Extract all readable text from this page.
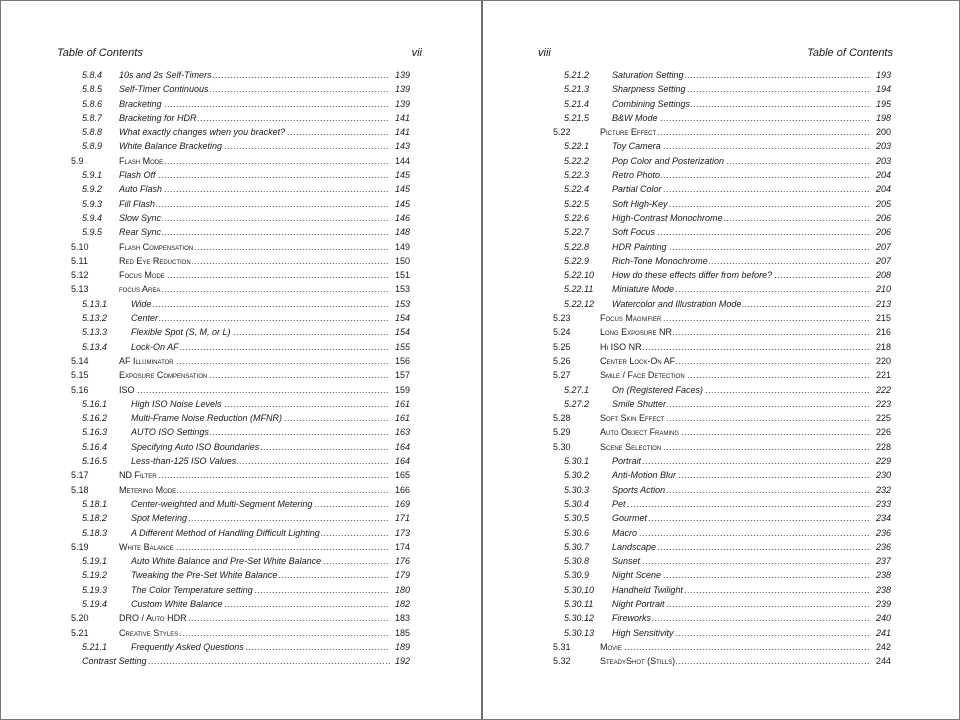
Table of Contents	vii
5.8.4 ..... 10s and 2s Self-Timers	139
5.8.5 ..... Self-Timer Continuous	139
5.8.6 ..... Bracketing	139
5.8.7 ..... Bracketing for HDR	141
5.8.8 ..... What exactly changes when you bracket?	141
5.8.9 ..... White Balance Bracketing	143
5.9 .....	Flash Mode	144
5.9.1 ..... Flash Off	145
5.9.2 ..... Auto Flash	145
5.9.3 ..... Fill Flash	145
5.9.4 ..... Slow Sync	146
5.9.5 ..... Rear Sync	148
5.10 .....	Flash Compensation	149
5.11 .....	Red Eye Reduction	150
5.12 .....	Focus Mode	151
5.13 .....	focus Area	153
5.13.1 .....	Wide	153
5.13.2 .....	Center	154
5.13.3 .....	Flexible Spot (S, M, or L)	154
5.13.4 .....	Lock-On AF	155
5.14 .....	AF Illuminator	156
5.15 .....	Exposure Compensation	157
5.16 .....	ISO	159
5.16.1 .....	High ISO Noise Levels	161
5.16.2 .....	Multi-Frame Noise Reduction (MFNR)	161
5.16.3 .....	AUTO ISO Settings	163
5.16.4 .....	Specifying Auto ISO Boundaries	164
5.16.5 .....	Less-than-125 ISO Values	164
5.17 .....	ND Filter	165
5.18 .....	Metering Mode	166
5.18.1 .....	Center-weighted and Multi-Segment Metering	169
5.18.2 .....	Spot Metering	171
5.18.3 .....	A Different Method of Handling Difficult Lighting	173
5.19 .....	White Balance	174
5.19.1 .....	Auto White Balance and Pre-Set White Balance	176
5.19.2 .....	Tweaking the Pre-Set White Balance	179
5.19.3 .....	The Color Temperature setting	180
5.19.4 .....	Custom White Balance	182
5.20 .....	DRO / Auto HDR	183
5.21 .....	Creative Styles	185
5.21.1 .....	Frequently Asked Questions	189
.....
Contrast Setting	192
viii	Table of Contents
5.21.2 .....	Saturation Setting	193
5.21.3 .....	Sharpness Setting	194
5.21.4 .....	Combining Settings	195
5.21.5 .....	B&W Mode	198
5.22 .....	Picture Effect	200
5.22.1 .....	Toy Camera	203
5.22.2 .....	Pop Color and Posterization	203
5.22.3 .....	Retro Photo	204
5.22.4 .....	Partial Color	204
5.22.5 .....	Soft High-Key	205
5.22.6 .....	High-Contrast Monochrome	206
5.22.7 .....	Soft Focus	206
5.22.8 .....	HDR Painting	207
5.22.9 .....	Rich-Tone Monochrome	207
5.22.10 ..... How do these effects differ from before?	208
5.22.11 ..... Miniature Mode	210
5.22.12 ..... Watercolor and Illustration Mode	213
5.23 .....	Focus Magnifier	215
5.24 .....	Long Exposure NR	216
5.25 .....	Hi ISO NR	218
5.26 .....	Center Lock-On AF	220
5.27 .....	Smile / Face Detection	221
5.27.1 .....	On (Registered Faces)	222
5.27.2 .....	Smile Shutter	223
5.28 .....	Soft Skin Effect	225
5.29 .....	Auto Object Framing	226
5.30 .....	Scene Selection	228
5.30.1 .....	Portrait	229
5.30.2 .....	Anti-Motion Blur	230
5.30.3 .....	Sports Action	232
5.30.4 .....	Pet	233
5.30.5 .....	Gourmet	234
5.30.6 .....	Macro	236
5.30.7 .....	Landscape	236
5.30.8 .....	Sunset	237
5.30.9 .....	Night Scene	238
5.30.10 ..... Handheld Twilight	238
5.30.11 ..... Night Portrait	239
5.30.12 ..... Fireworks	240
5.30.13 ..... High Sensitivity	241
5.31 .....	Movie	242
5.32 .....	SteadyShot (Stills)	244
